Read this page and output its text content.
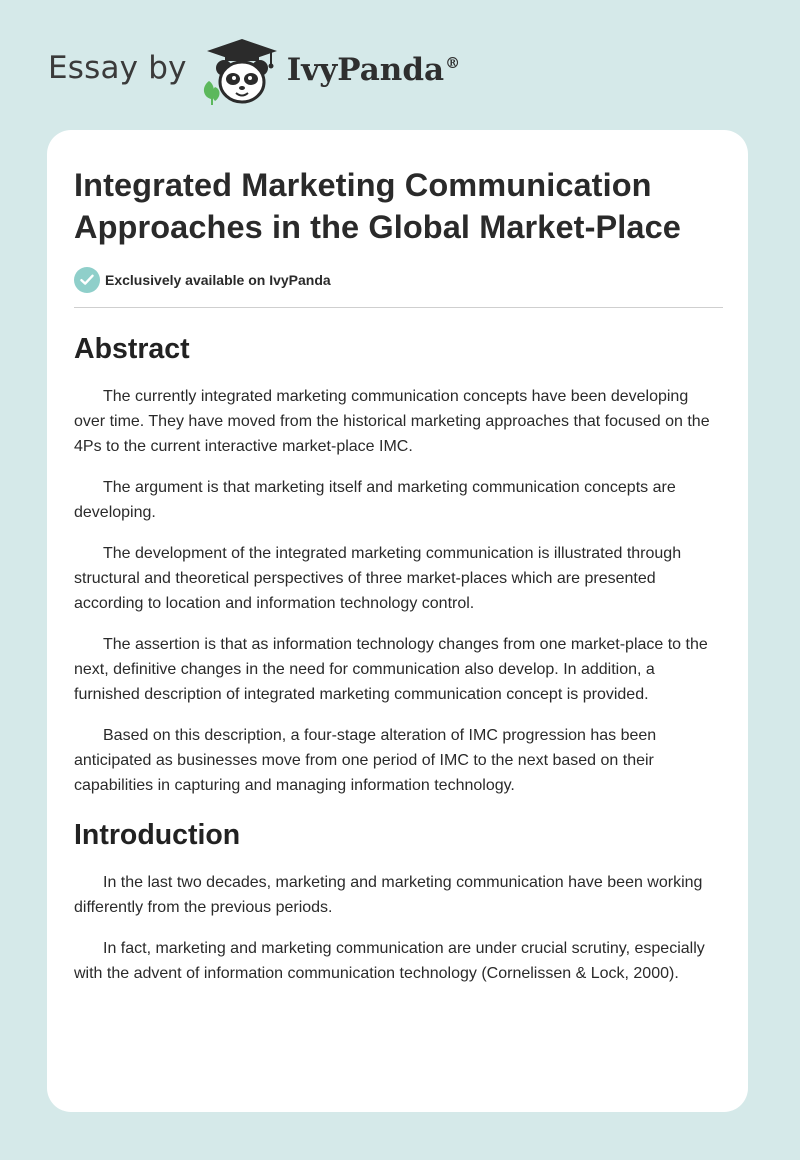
Essay by	IvyPanda®
Integrated Marketing Communication
Approaches in the Global Market-Place
Exclusively available on IvyPanda
Abstract

The currently integrated marketing communication concepts have been developing over time. They have moved from the historical marketing approaches that focused on the 4Ps to the current interactive market-place IMC.

The argument is that marketing itself and marketing communication concepts are developing.

The development of the integrated marketing communication is illustrated through structural and theoretical perspectives of three market-places which are presented according to location and information technology control.

The assertion is that as information technology changes from one market-place to the next, definitive changes in the need for communication also develop. In addition, a furnished description of integrated marketing communication concept is provided.

Based on this description, a four-stage alteration of IMC progression has been anticipated as businesses move from one period of IMC to the next based on their capabilities in capturing and managing information technology.

Introduction

In the last two decades, marketing and marketing communication have been working differently from the previous periods.

In fact, marketing and marketing communication are under crucial scrutiny, especially with the advent of information communication technology (Cornelissen & Lock, 2000).
